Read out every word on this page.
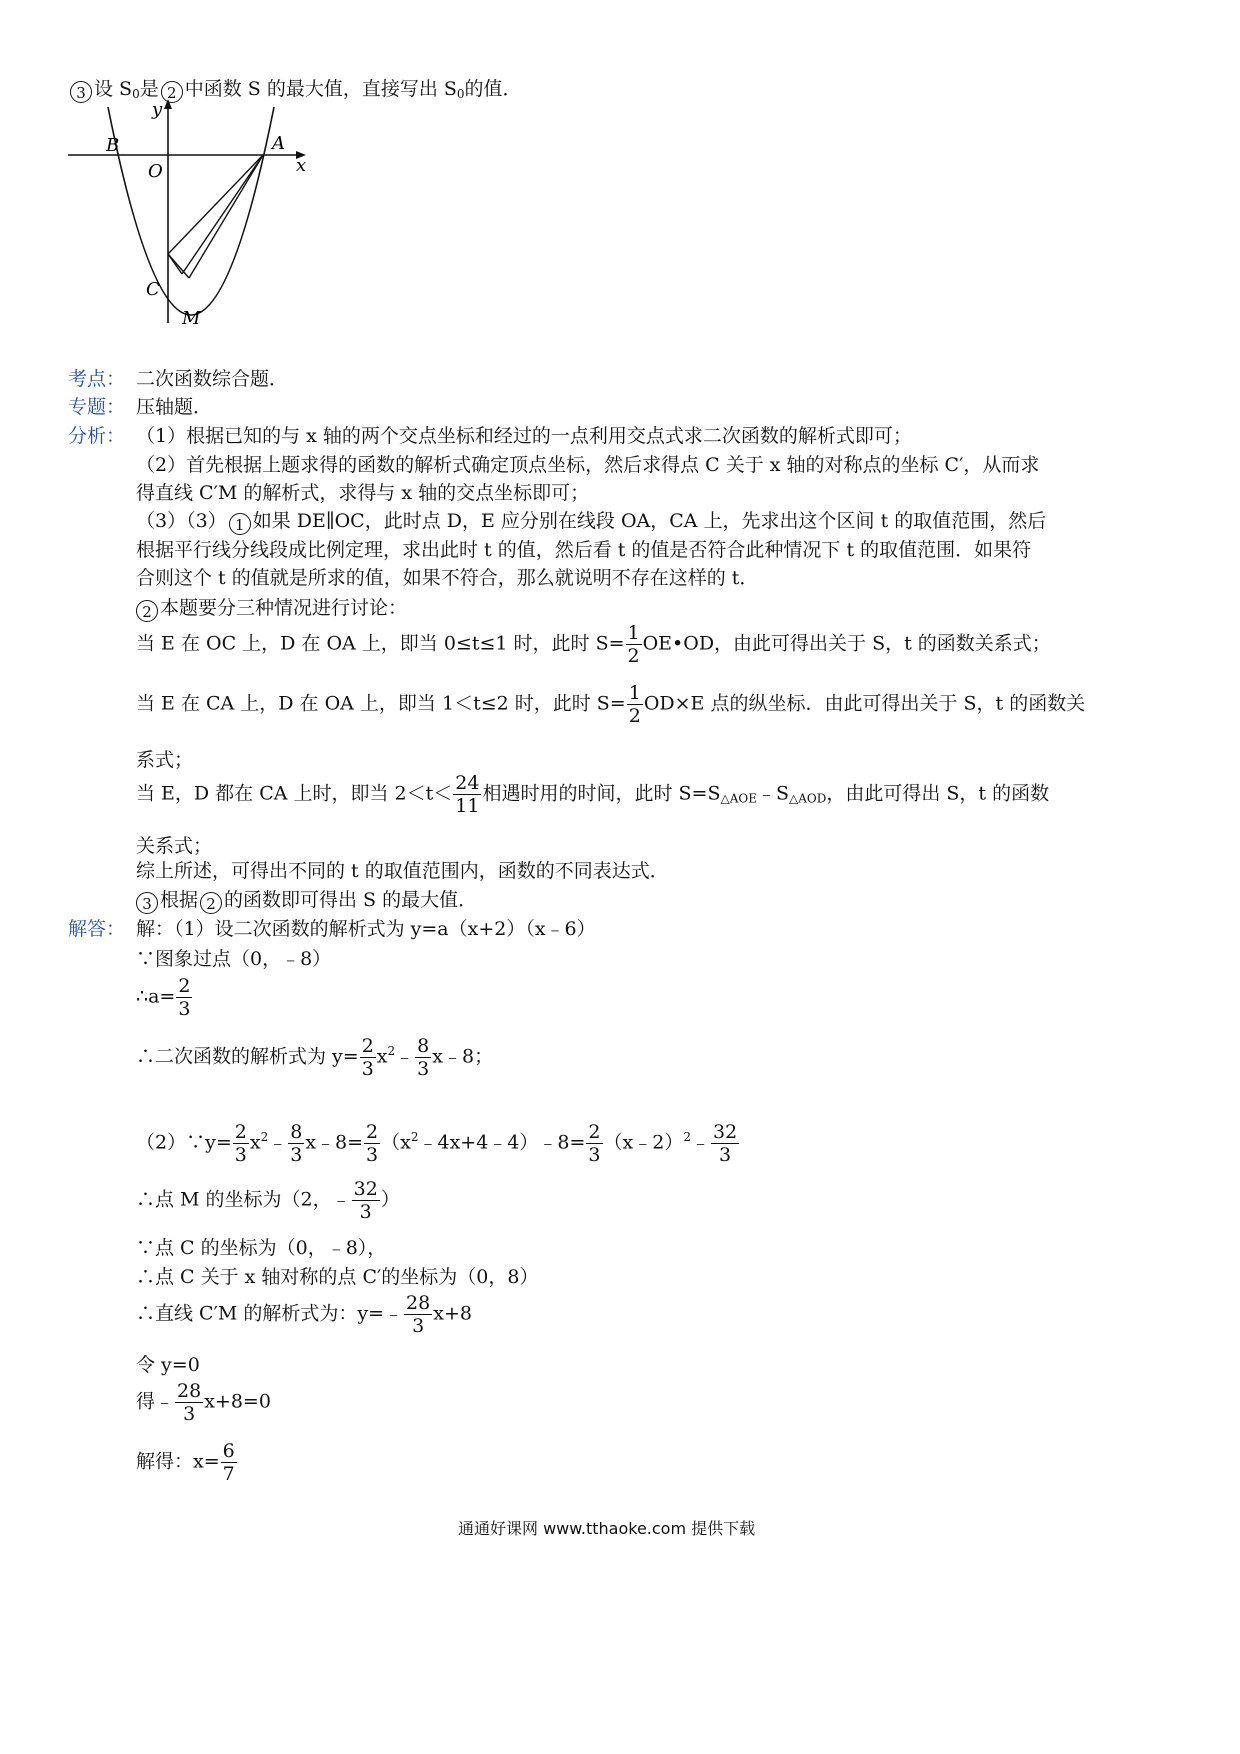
3 设 $S_0$是 2 中函数 S 的最大值，直接写出 $S_0$的值．
y
x
B
O
A
C
M
考点： 二次函数综合题．
专题： 压轴题．
分析： （1）根据已知的与 x 轴的两个交点坐标和经过的一点利用交点式求二次函数的解析式即可；
（2）首先根据上题求得的函数的解析式确定顶点坐标，然后求得点 C 关于 x 轴的对称点的坐标 C′，从而求
得直线 C′M 的解析式，求得与 x 轴的交点坐标即可；
（3）（3） 1 如果 DE∥OC，此时点 D，E 应分别在线段 OA，CA 上，先求出这个区间 t 的取值范围，然后
根据平行线分线段成比例定理，求出此时 t 的值，然后看 t 的值是否符合此种情况下 t 的取值范围．如果符
合则这个 t 的值就是所求的值，如果不符合，那么就说明不存在这样的 t．
2 本题要分三种情况进行讨论：
当 E 在 OC 上，D 在 OA 上，即当 0≤t≤1 时，此时 $S= \frac{1}{2}$ OE•OD，由此可得出关于 S，t 的函数关系式；
当 E 在 CA 上，D 在 OA 上，即当 1＜t≤2 时，此时 $S= \frac{1}{2} OD\times E$ 点的纵坐标．由此可得出关于 S，t 的函数关
系式；
当 E，D 都在 CA 上时，即当 $2<t< \frac{24}{11}$ 相遇时用的时间，此时 $S=S_{\triangle AOE}﹣S_{\triangle AOD}$，由此可得出 S，t 的函数
关系式；
综上所述，可得出不同的 t 的取值范围内，函数的不同表达式．
3 根据 2 的函数即可得出 S 的最大值．
解答： 解：（1）设二次函数的解析式为 y=a（x+2）（x﹣6）
∵图象过点（0，﹣8）
∴a= $\frac{2}{3}$
∴二次函数的解析式为 $y= \frac{2}{3}$ $x^2﹣ \frac{8}{3}$ x﹣8；
（2）∵y= $\frac{2}{3}$ $x^2﹣ \frac{8}{3}$ x﹣8= $\frac{2}{3}$ $(x^2﹣4x+4﹣4)﹣8= \frac{2}{3}$ （x﹣2）$^2$﹣ $\frac{32}{3}$
∴点 M 的坐标为（2，﹣ $\frac{32}{3}$ ）
∵点 C 的坐标为（0，﹣8），
∴点 C 关于 x 轴对称的点 C′的坐标为（0，8）
∴直线 C′M 的解析式为：y=﹣ $\frac{28}{3} x+8$
令 y=0
得﹣ $\frac{28}{3} x+8=0$
解得：$x= \frac{6}{7}$
通通好课网 www.tthaoke.com 提供下载
